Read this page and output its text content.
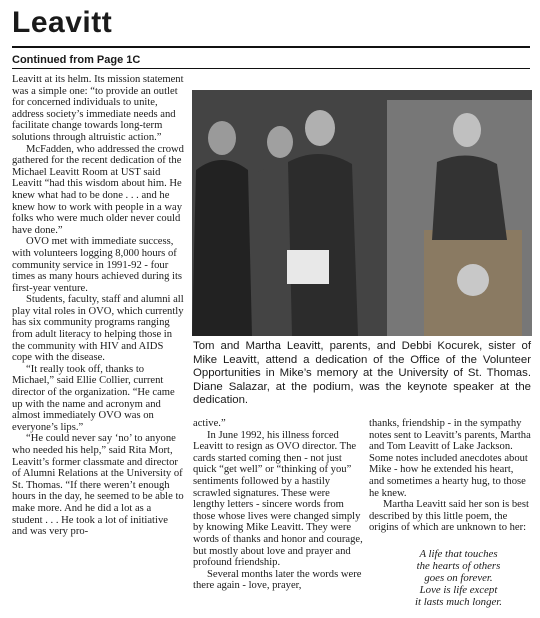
Leavitt
Continued from Page 1C

Leavitt at its helm. Its mission statement was a simple one: “to provide an outlet for concerned individuals to unite, address society’s immediate needs and facilitate change towards long-term solutions through altruistic action.”

McFadden, who addressed the crowd gathered for the recent dedication of the Michael Leavitt Room at UST said Leavitt “had this wisdom about him. He knew what had to be done . . . and he knew how to work with people in a way folks who were much older never could have done.”

OVO met with immediate success, with volunteers logging 8,000 hours of community service in 1991-92 - four times as many hours achieved during its first-year venture.

Students, faculty, staff and alumni all play vital roles in OVO, which currently has six community programs ranging from adult literacy to helping those in the community with HIV and AIDS cope with the disease.

“It really took off, thanks to Michael,” said Ellie Collier, current director of the organization. “He came up with the name and acronym and almost immediately OVO was on everyone’s lips.”

“He could never say ‘no’ to anyone who needed his help,” said Rita Mort, Leavitt’s former classmate and director of Alumni Relations at the University of St. Thomas. “If there weren’t enough hours in the day, he seemed to be able to make more. And he did a lot as a student . . . He took a lot of initiative and was very pro-

Tom and Martha Leavitt, parents, and Debbi Kocurek, sister of Mike Leavitt, attend a dedication of the Office of the Volunteer Opportunities in Mike’s memory at the University of St. Thomas. Diane Salazar, at the podium, was the keynote speaker at the dedication.

active.”

In June 1992, his illness forced Leavitt to resign as OVO director. The cards started coming then - not just quick “get well” or “thinking of you” sentiments followed by a hastily scrawled signatures. These were lengthy letters - sincere words from those whose lives were changed simply by knowing Mike Leavitt. They were words of thanks and honor and courage, but mostly about love and prayer and profound friendship.

Several months later the words were there again - love, prayer,

thanks, friendship - in the sympathy notes sent to Leavitt’s parents, Martha and Tom Leavitt of Lake Jackson. Some notes included anecdotes about Mike - how he extended his heart, and sometimes a hearty hug, to those he knew.

Martha Leavitt said her son is best described by this little poem, the origins of which are unknown to her:

A life that touches
the hearts of others
goes on forever.
Love is life except
it lasts much longer.
